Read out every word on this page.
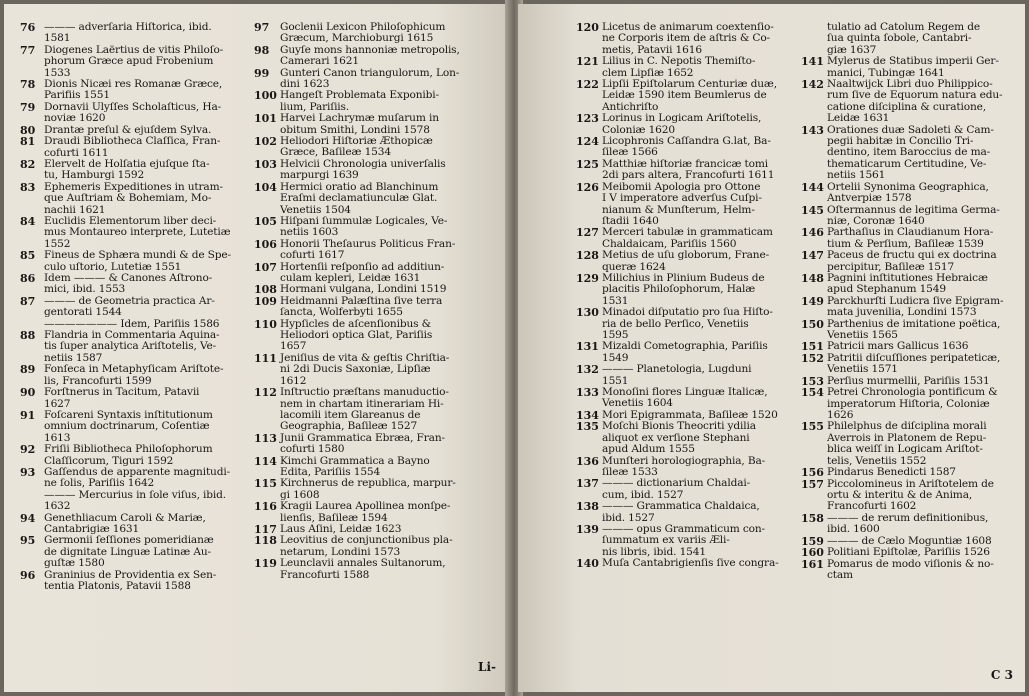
76 ——— adverſaria Hiſtorica, ibid.
1581
77 Diogenes Laërtius de vitis Philoſo-
phorum Græce apud Frobenium
1533
78 Dionis Nicæi res Romanæ Græce,
Parifiis 1551
79 Dornavii Ulyſſes Scholaſticus, Ha-
noviæ 1620
80 Drantæ preſul & ejuſdem Sylva.
81 Draudi Bibliotheca Claſſica, Fran-
cofurti 1611
82 Elervelt de Holſatia ejuſque ſta-
tu, Hamburgi 1592
83 Ephemeris Expeditiones in utram-
que Auſtriam & Bohemiam, Mo-
nachii 1621
84 Euclidis Elementorum liber deci-
mus Montaureo interprete, Lutetiæ 1552
85 Fineus de Sphæra mundi & de Spe-
culo uſtorio, Lutetiæ 1551
86 Idem ——— & Canones Aſtrono-
mici, ibid. 1553
87 ——— de Geometria practica Ar-
gentorati 1544
——————— Idem, Pariſiis 1586
88 Flandria in Commentaria Aquina-
tis ſuper analytica Ariſtotelis, Ve-
netiis 1587
89 Fonſeca in Metaphyſicam Ariſtote-
lis, Francofurti 1599
90 Forſtnerus in Tacitum, Patavii
1627
91 Foſcareni Syntaxis inſtitutionum
omnium doctrinarum, Coſentiæ
1613
92 Friſii Bibliotheca Philoſophorum
Claſſicorum, Tiguri 1592
93 Gaſſendus de apparente magnitudi-
ne ſolis, Pariſiis 1642
——— Mercurius in ſole viſus, ibid.
1632
94 Genethliacum Caroli & Mariæ,
Cantabrigiæ 1631
95 Germonii ſeſſiones pomeridianæ
de dignitate Linguæ Latinæ Au-
guſtæ 1580
96 Graninius de Providentia ex Sen-
tentia Platonis, Patavii 1588
97	Goclenii Lexicon Philoſophicum
Græcum, Marchioburgi 1615
98	Guyſe mons hannoniæ metropolis,
Camerari 1621
99	Gunteri Canon triangulorum, Lon-
dini 1623
100 Hangeſt Problemata Exponibi-
lium, Pariſiis.
101 Harvei Lachrymæ muſarum in
obitum Smithi, Londini 1578
102 Heliodori Hiſtoriæ Æthopicæ
Græce, Baſileæ 1534
103 Helvicii Chronologia univerſalis
marpurgi 1639
104 Hermici oratio ad Blanchinum
Eraſmi declamatiunculæ Glat.
Venetiis 1504
105 Hiſpani ſummulæ Logicales, Ve-
netiis 1603
106 Honorii Theſaurus Politicus Fran-
cofurti 1617
107 Hortenſii reſponſio ad additiun-
culam kepleri, Leidæ 1631
108 Hormani vulgana, Londini 1519
109 Heidmanni Palæſtina ſive terra
ſancta, Wolferbyti 1655
110 Hypſicles de aſcenſionibus &
Heliodori optica Glat, Pariſiis
1657
111 Jeniſius de vita & geſtis Chriſtia-
ni 2di Ducis Saxoniæ, Lipſiæ
1612
112 Inſtructio præſtans manuductio-
nem in chartam itinerariam Hi-
lacomili item Glareanus de
Geographia, Baſileæ 1527
113 Junii Grammatica Ebræa, Fran-
cofurti 1580
114 Kimchi Grammatica a Bayno
Edita, Pariſiis 1554
115 Kirchnerus de republica, marpur-
gi 1608
116 Kragii Laurea Apollinea monſpe-
lienſis, Baſileæ 1594
117 Laus Aſini, Leidæ 1623
118 Leovitius de conjunctionibus pla-
netarum, Londini 1573
119 Leunclavii annales Sultanorum,
Francofurti 1588
Li-
120 Licetus de animarum coextenſio-
ne Corporis item de aſtris & Co-
metis, Patavii 1616
121 Lilius in C. Nepotis Themiſto-
clem Lipſiæ 1652
122 Lipſii Epiſtolarum Centuriæ duæ,
Leidæ 1590 item Beumlerus de
Antichriſto
123 Lorinus in Logicam Ariſtotelis,
Coloniæ 1620
124 Licophronis Caſſandra G.lat, Ba-
ſileæ 1566
125 Matthiæ hiſtoriæ francicæ tomi
2di pars altera, Francofurti 1611
126 Meibomii Apologia pro Ottone
I V imperatore adverſus Cuſpi-
nianum & Munſterum, Helm-
ſtadii 1640
127 Merceri tabulæ in grammaticam
Chaldaicam, Pariſiis 1560
128 Metius de uſu globorum, Frane-
queræ 1624
129 Milichius in Plinium Budeus de
placitis Philoſophorum, Halæ
1531
130 Minadoi diſputatio pro ſua Hiſto-
ria de bello Perſico, Venetiis
1595
131 Mizaldi Cometographia, Pariſiis
1549
132 ——— Planetologia, Lugduni
1551
133 Monoſini flores Linguæ Italicæ,
Venetiis 1604
134 Mori Epigrammata, Baſileæ 1520
135 Moſchi Bionis Theocriti ydilia
aliquot ex verſione Stephani
apud Aldum 1555
136 Munſteri horologiographia, Ba-
ſileæ 1533
137 ——— dictionarium Chaldai-
cum, ibid. 1527
138 ——— Grammatica Chaldaica,
ibid. 1527
139 ——— opus Grammaticum con-
ſummatum ex variis Æli-
nis libris, ibid. 1541
140 Muſa Cantabrigienſis ſive congra-
tulatio ad Catolum Regem de
ſua quinta ſobole, Cantabri-
giæ 1637
141 Mylerus de Statibus imperii Ger-
manici, Tubingæ 1641
142 Naaltwijck Libri duo Philippico-
rum ſive de Equorum natura edu-
catione diſciplina & curatione,
Leidæ 1631
143 Orationes duæ Sadoleti & Cam-
pegii habitæ in Concilio Tri-
dentino, item Baroccius de ma-
thematicarum Certitudine, Ve-
netiis 1561
144 Ortelii Synonima Geographica,
Antverpiæ 1578
145 Oſtermannus de legitima Germa-
niæ, Coronæ 1640
146 Parthaſius in Claudianum Hora-
tium & Perſium, Baſileæ 1539
147 Paceus de fructu qui ex doctrina
percipitur, Baſileæ 1517
148 Pagnini inſtitutiones Hebraicæ
apud Stephanum 1549
149 Parckhurſti Ludicra ſive Epigram-
mata juvenilia, Londini 1573
150 Parthenius de imitatione poëtica,
Venetiis 1565
151 Patricii mars Gallicus 1636
152 Patritii diſcuſſiones peripateticæ,
Venetiis 1571
153 Perſius murmellii, Pariſiis 1531
154 Petrei Chronologia pontificum &
imperatorum Hiſtoria, Coloniæ
1626
155 Philelphus de diſciplina morali
Averrois in Platonem de Repu-
blica weiſſ in Logicam Ariſtot-
telis, Venetiis 1552
156 Pindarus Benedicti 1587
157 Piccolomineus in Ariſtotelem de
ortu & interitu & de Anima,
Francofurti 1602
158 ——— de rerum definitionibus,
ibid. 1600
159 ——— de Cælo Moguntiæ 1608
160 Politiani Epiſtolæ, Pariſiis 1526
161 Pomarus de modo viſionis & no-
ctam
C 3
